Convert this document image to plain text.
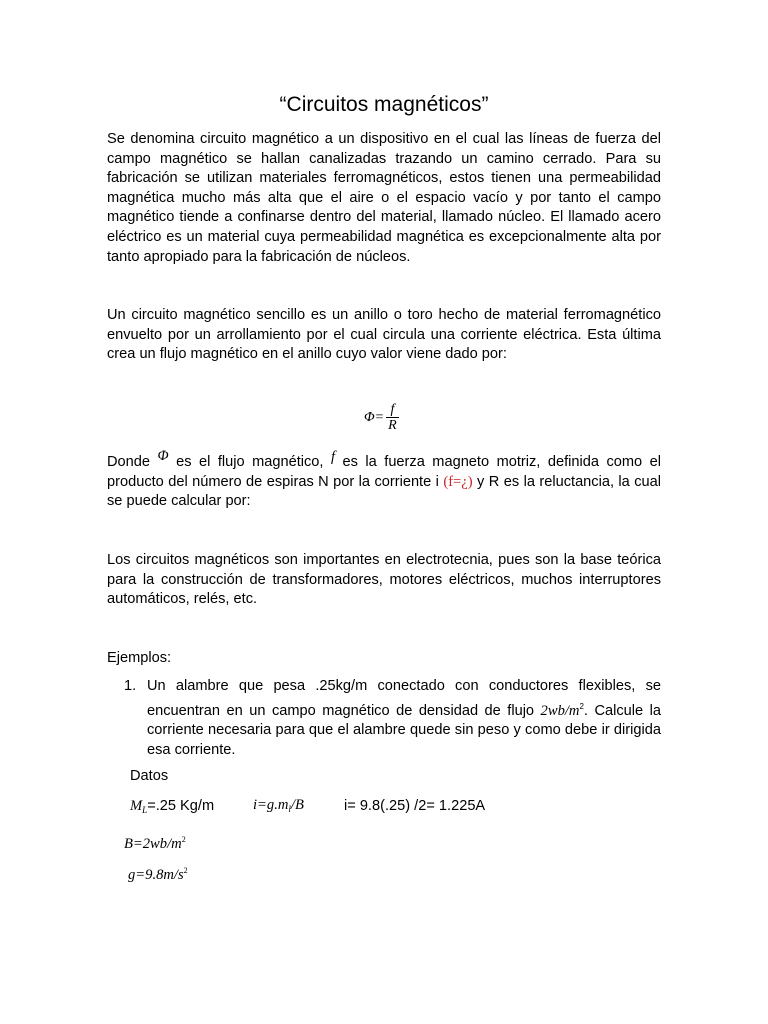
“Circuitos magnéticos”

Se denomina circuito magnético a un dispositivo en el cual las líneas de fuerza del campo magnético se hallan canalizadas trazando un camino cerrado. Para su fabricación se utilizan materiales ferromagnéticos, estos tienen una permeabilidad magnética mucho más alta que el aire o el espacio vacío y por tanto el campo magnético tiende a confinarse dentro del material, llamado núcleo. El llamado acero eléctrico es un material cuya permeabilidad magnética es excepcionalmente alta por tanto apropiado para la fabricación de núcleos.

Un circuito magnético sencillo es un anillo o toro hecho de material ferromagnético envuelto por un arrollamiento por el cual circula una corriente eléctrica. Esta última crea un flujo magnético en el anillo cuyo valor viene dado por:

$\Phi= \frac{f}{R}$

Donde Φ es el flujo magnético, f es la fuerza magneto motriz, definida como el producto del número de espiras N por la corriente i (f=¿) y R es la reluctancia, la cual se puede calcular por:

Los circuitos magnéticos son importantes en electrotecnia, pues son la base teórica para la construcción de transformadores, motores eléctricos, muchos interruptores automáticos, relés, etc.

Ejemplos:
1. Un alambre que pesa .25kg/m conectado con conductores flexibles, se encuentran en un campo magnético de densidad de flujo $2wb/m^2$. Calcule la corriente necesaria para que el alambre quede sin peso y como debe ir dirigida esa corriente.
Datos
$M_L=.25$ Kg/m	$i=g.m_l/B$	i= 9.8(.25) /2= 1.225A
$B=2wb/m^2$
$g=9.8m/s^2$
